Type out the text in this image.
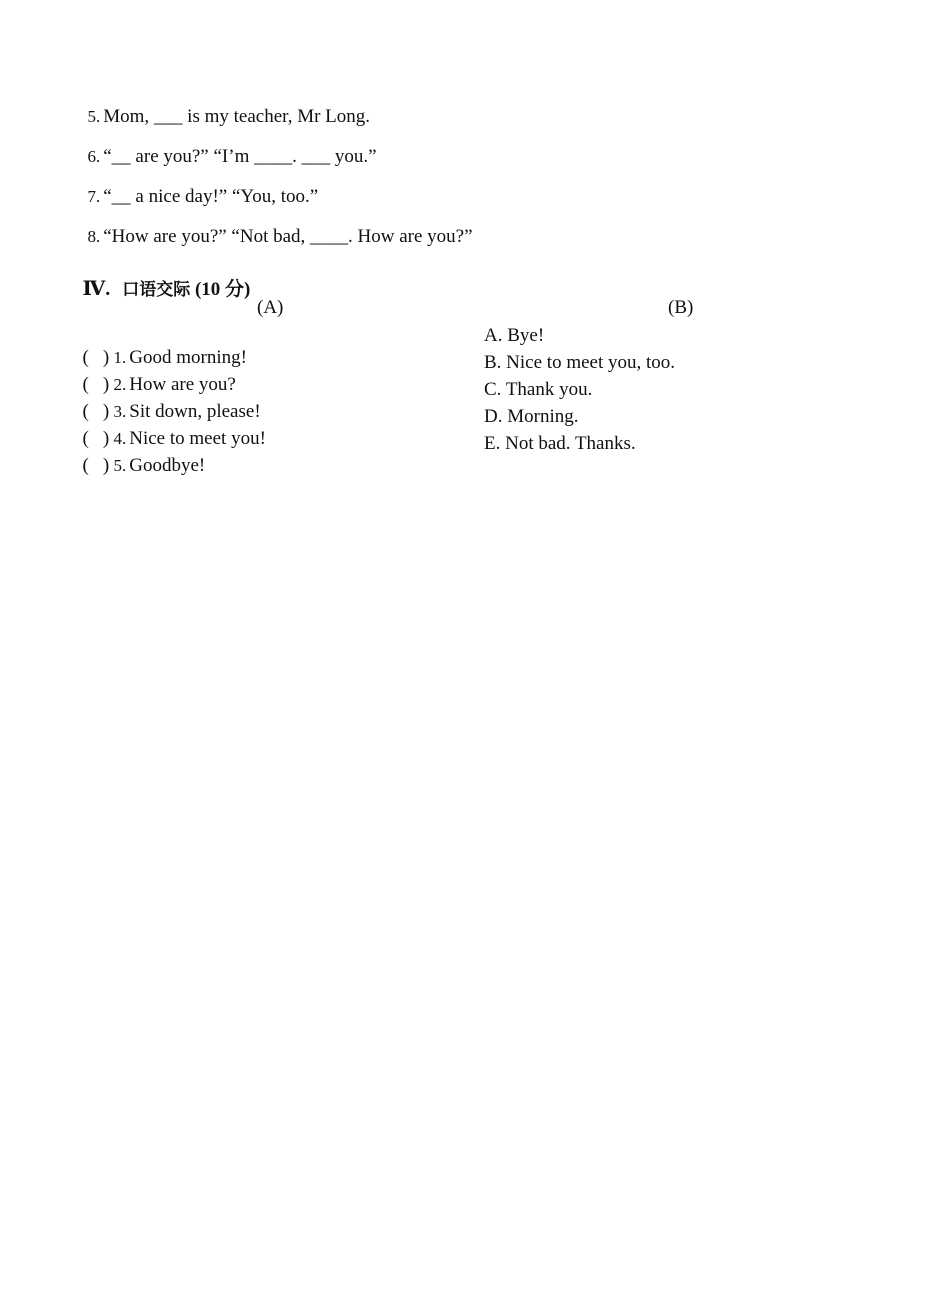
5. Mom, ___ is my teacher, Mr Long.

6. “__ are you?” “I’m ____. ___ you.”

7. “__ a nice day!” “You, too.”

8. “How are you?” “Not bad, ____. How are you?”

Ⅳ. 口语交际 (10 分)

(A)	(B)

( ) 1. Good morning!

( ) 2. How are you?

( ) 3. Sit down, please!

( ) 4. Nice to meet you!

( ) 5. Goodbye!

A. Bye!
B. Nice to meet you, too.
C. Thank you.
D. Morning.
E. Not bad. Thanks.
